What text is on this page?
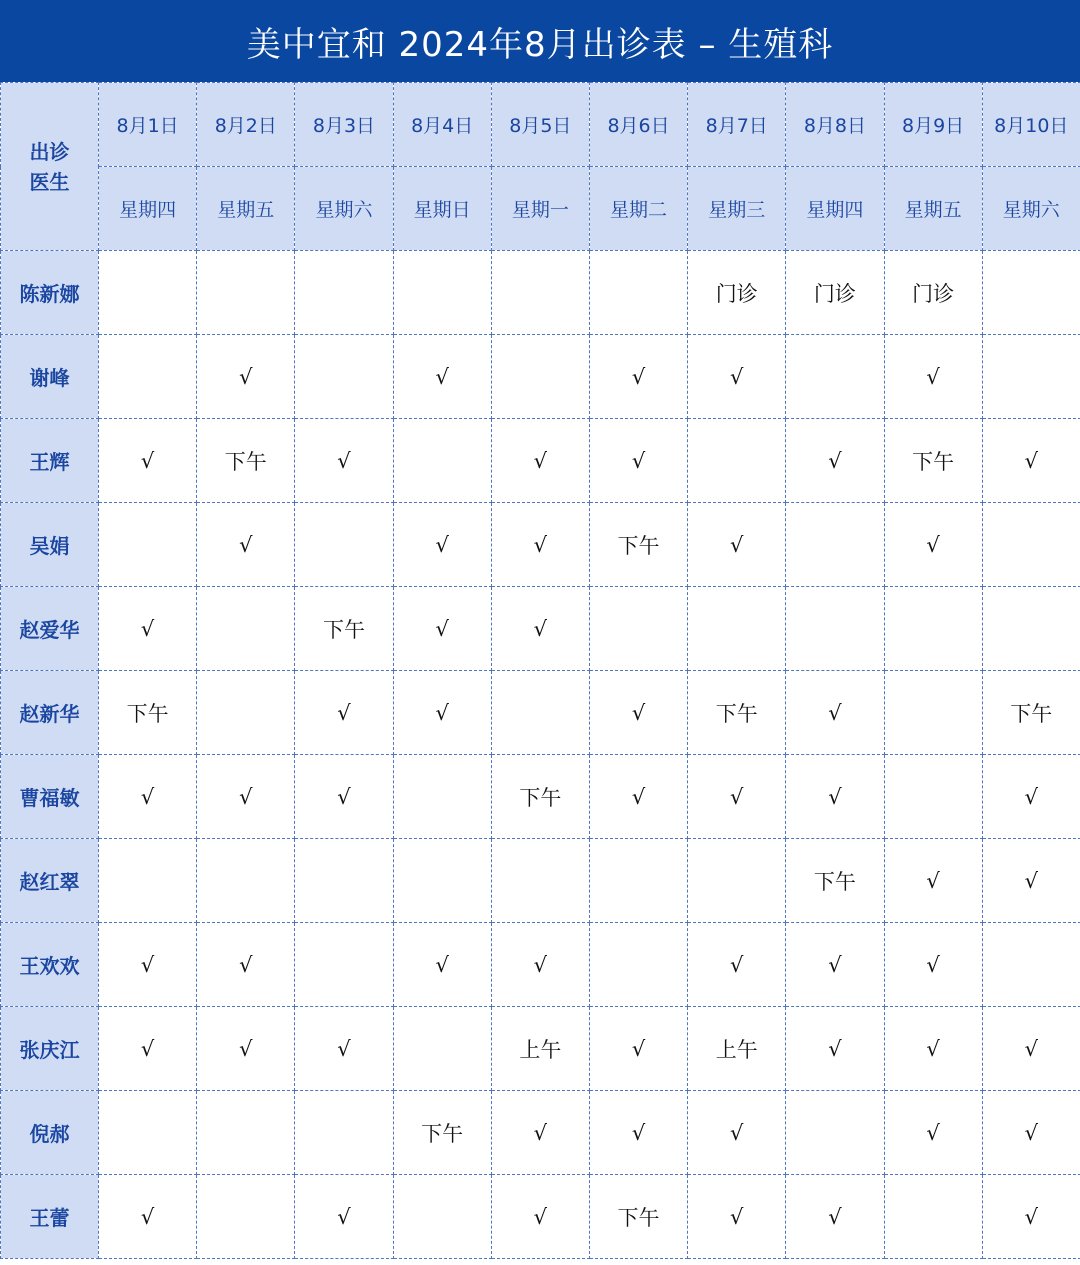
美中宜和 2024年8月出诊表 – 生殖科
出诊
医生	8月1日	8月2日	8月3日	8月4日	8月5日	8月6日	8月7日	8月8日	8月9日	8月10日
	星期四	星期五	星期六	星期日	星期一	星期二	星期三	星期四	星期五	星期六
陈新娜							门诊	门诊	门诊	
谢峰		√		√		√	√		√	
王辉	√	下午	√		√	√		√	下午	√
吴娟		√		√	√	下午	√		√	
赵爱华	√		下午	√	√					
赵新华	下午		√	√		√	下午	√		下午
曹福敏	√	√	√		下午	√	√	√		√
赵红翠								下午	√	√
王欢欢	√	√		√	√		√	√	√	
张庆江	√	√	√		上午	√	上午	√	√	√
倪郝				下午	√	√	√		√	√
王蕾	√		√		√	下午	√	√		√
